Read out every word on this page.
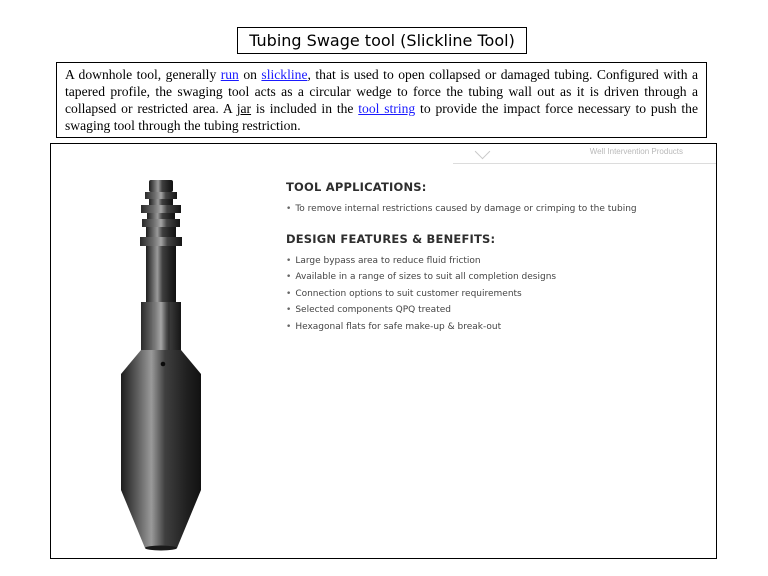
Tubing Swage tool (Slickline Tool)
A downhole tool, generally run on slickline, that is used to open collapsed or damaged tubing. Configured with a tapered profile, the swaging tool acts as a circular wedge to force the tubing wall out as it is driven through a collapsed or restricted area. A jar is included in the tool string to provide the impact force necessary to push the swaging tool through the tubing restriction.
Well Intervention Products
TOOL APPLICATIONS:
• To remove internal restrictions caused by damage or crimping to the tubing
DESIGN FEATURES & BENEFITS:
• Large bypass area to reduce fluid friction
• Available in a range of sizes to suit all completion designs
• Connection options to suit customer requirements
• Selected components QPQ treated
• Hexagonal flats for safe make-up & break-out
